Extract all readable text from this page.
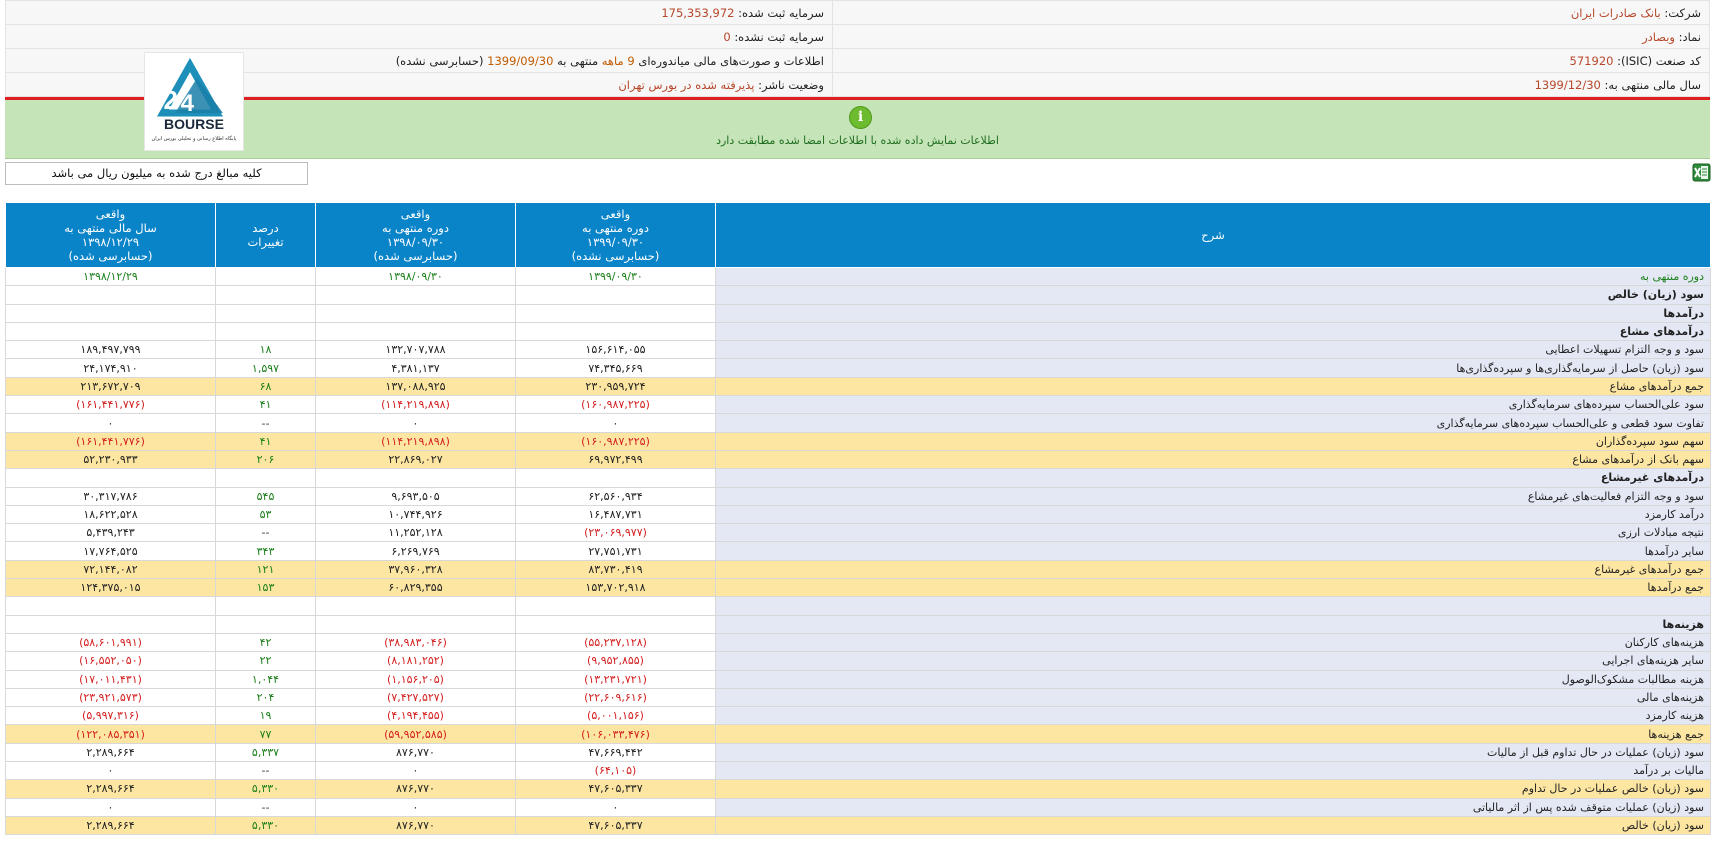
شرکت: بانک صادرات ایران	سرمایه ثبت شده: 175,353,972
نماد: وبصادر	سرمایه ثبت نشده: 0
کد صنعت (ISIC): 571920	اطلاعات و صورت‌های مالی میاندوره‌ای 9 ماهه منتهی به 1399/09/30 (حسابرسی نشده)
سال مالی منتهی به: 1399/12/30	وضعیت ناشر: پذیرفته شده در بورس تهران
i
اطلاعات نمایش داده شده با اطلاعات امضا شده مطابقت دارد
2 4
BOURSE
پایگاه اطلاع رسانی و تحلیلی بورس ایران
کلیه مبالغ درج شده به میلیون ریال می باشد
شرح	واقعی
دوره منتهی به
۱۳۹۹/۰۹/۳۰
(حسابرسی نشده)	واقعی
دوره منتهی به
۱۳۹۸/۰۹/۳۰
(حسابرسی شده)	درصد
تغییرات	واقعی
سال مالی منتهی به
۱۳۹۸/۱۲/۲۹
(حسابرسی شده)
دوره منتهی به	۱۳۹۹/۰۹/۳۰	۱۳۹۸/۰۹/۳۰		۱۳۹۸/۱۲/۲۹
سود (زیان) خالص				
درآمدها				
درآمدهای مشاع				
سود و وجه التزام تسهیلات اعطایی	۱۵۶,۶۱۴,۰۵۵	۱۳۲,۷۰۷,۷۸۸	۱۸	۱۸۹,۴۹۷,۷۹۹
سود (زیان) حاصل از سرمایه‌گذاری‌ها و سپرده‌گذاری‌ها	۷۴,۳۴۵,۶۶۹	۴,۳۸۱,۱۳۷	۱,۵۹۷	۲۴,۱۷۴,۹۱۰
جمع درآمدهای مشاع	۲۳۰,۹۵۹,۷۲۴	۱۳۷,۰۸۸,۹۲۵	۶۸	۲۱۳,۶۷۲,۷۰۹
سود علی‌الحساب سپرده‌های سرمایه‌گذاری	(۱۶۰,۹۸۷,۲۲۵)	(۱۱۴,۲۱۹,۸۹۸)	۴۱	(۱۶۱,۴۴۱,۷۷۶)
تفاوت سود قطعی و علی‌الحساب سپرده‌های سرمایه‌گذاری	۰	۰	--	۰
سهم سود سپرده‌گذاران	(۱۶۰,۹۸۷,۲۲۵)	(۱۱۴,۲۱۹,۸۹۸)	۴۱	(۱۶۱,۴۴۱,۷۷۶)
سهم بانک از درآمدهای مشاع	۶۹,۹۷۲,۴۹۹	۲۲,۸۶۹,۰۲۷	۲۰۶	۵۲,۲۳۰,۹۳۳
درآمدهای غیرمشاع				
سود و وجه التزام فعالیت‌های غیرمشاع	۶۲,۵۶۰,۹۳۴	۹,۶۹۳,۵۰۵	۵۴۵	۳۰,۳۱۷,۷۸۶
درآمد کارمزد	۱۶,۴۸۷,۷۳۱	۱۰,۷۴۴,۹۲۶	۵۳	۱۸,۶۲۲,۵۲۸
نتیجه مبادلات ارزی	(۲۳,۰۶۹,۹۷۷)	۱۱,۲۵۲,۱۲۸	--	۵,۴۳۹,۲۴۳
سایر درآمدها	۲۷,۷۵۱,۷۳۱	۶,۲۶۹,۷۶۹	۳۴۳	۱۷,۷۶۴,۵۲۵
جمع درآمدهای غیرمشاع	۸۳,۷۳۰,۴۱۹	۳۷,۹۶۰,۳۲۸	۱۲۱	۷۲,۱۴۴,۰۸۲
جمع درآمدها	۱۵۳,۷۰۲,۹۱۸	۶۰,۸۲۹,۳۵۵	۱۵۳	۱۲۴,۳۷۵,۰۱۵

هزینه‌ها				
هزینه‌های کارکنان	(۵۵,۲۳۷,۱۲۸)	(۳۸,۹۸۳,۰۴۶)	۴۲	(۵۸,۶۰۱,۹۹۱)
سایر هزینه‌های اجرایی	(۹,۹۵۲,۸۵۵)	(۸,۱۸۱,۲۵۲)	۲۲	(۱۶,۵۵۲,۰۵۰)
هزینه مطالبات مشکوک‌الوصول	(۱۳,۲۳۱,۷۲۱)	(۱,۱۵۶,۲۰۵)	۱,۰۴۴	(۱۷,۰۱۱,۴۳۱)
هزینه‌های مالی	(۲۲,۶۰۹,۶۱۶)	(۷,۴۲۷,۵۲۷)	۲۰۴	(۲۳,۹۲۱,۵۷۳)
هزینه کارمزد	(۵,۰۰۱,۱۵۶)	(۴,۱۹۴,۴۵۵)	۱۹	(۵,۹۹۷,۳۱۶)
جمع هزینه‌ها	(۱۰۶,۰۳۳,۴۷۶)	(۵۹,۹۵۲,۵۸۵)	۷۷	(۱۲۲,۰۸۵,۳۵۱)
سود (زیان) عملیات در حال تداوم قبل از مالیات	۴۷,۶۶۹,۴۴۲	۸۷۶,۷۷۰	۵,۳۳۷	۲,۲۸۹,۶۶۴
مالیات بر درآمد	(۶۴,۱۰۵)	۰	--	۰
سود (زیان) خالص عملیات در حال تداوم	۴۷,۶۰۵,۳۳۷	۸۷۶,۷۷۰	۵,۳۳۰	۲,۲۸۹,۶۶۴
سود (زیان) عملیات متوقف شده پس از اثر مالیاتی	۰	۰	--	۰
سود (زیان) خالص	۴۷,۶۰۵,۳۳۷	۸۷۶,۷۷۰	۵,۳۳۰	۲,۲۸۹,۶۶۴
